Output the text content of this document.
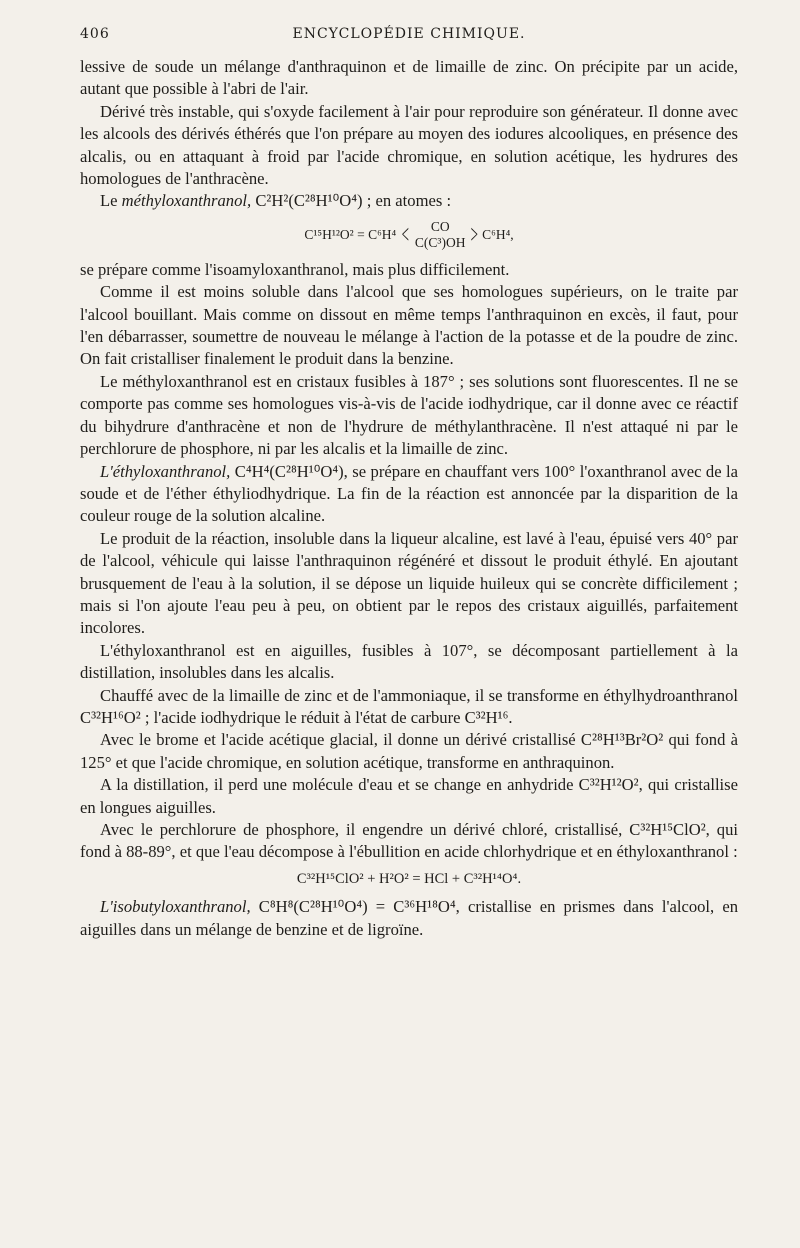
406	ENCYCLOPÉDIE CHIMIQUE.

lessive de soude un mélange d'anthraquinon et de limaille de zinc. On précipite par un acide, autant que possible à l'abri de l'air.

Dérivé très instable, qui s'oxyde facilement à l'air pour reproduire son générateur. Il donne avec les alcools des dérivés éthérés que l'on prépare au moyen des iodures alcooliques, en présence des alcalis, ou en attaquant à froid par l'acide chromique, en solution acétique, les hydrures des homologues de l'anthracène.

Le méthyloxanthranol, C²H²(C²⁸H¹⁰O⁴) ; en atomes :

C¹⁵H¹²O² = C⁶H⁴ <	CO
C(C³)OH > C⁶H⁴,

se prépare comme l'isoamyloxanthranol, mais plus difficilement.

Comme il est moins soluble dans l'alcool que ses homologues supérieurs, on le traite par l'alcool bouillant. Mais comme on dissout en même temps l'anthraquinon en excès, il faut, pour l'en débarrasser, soumettre de nouveau le mélange à l'action de la potasse et de la poudre de zinc. On fait cristalliser finalement le produit dans la benzine.

Le méthyloxanthranol est en cristaux fusibles à 187° ; ses solutions sont fluorescentes. Il ne se comporte pas comme ses homologues vis-à-vis de l'acide iodhydrique, car il donne avec ce réactif du bihydrure d'anthracène et non de l'hydrure de méthylanthracène. Il n'est attaqué ni par le perchlorure de phosphore, ni par les alcalis et la limaille de zinc.

L'éthyloxanthranol, C⁴H⁴(C²⁸H¹⁰O⁴), se prépare en chauffant vers 100° l'oxanthranol avec de la soude et de l'éther éthyliodhydrique. La fin de la réaction est annoncée par la disparition de la couleur rouge de la solution alcaline.

Le produit de la réaction, insoluble dans la liqueur alcaline, est lavé à l'eau, épuisé vers 40° par de l'alcool, véhicule qui laisse l'anthraquinon régénéré et dissout le produit éthylé. En ajoutant brusquement de l'eau à la solution, il se dépose un liquide huileux qui se concrète difficilement ; mais si l'on ajoute l'eau peu à peu, on obtient par le repos des cristaux aiguillés, parfaitement incolores.

L'éthyloxanthranol est en aiguilles, fusibles à 107°, se décomposant partiellement à la distillation, insolubles dans les alcalis.

Chauffé avec de la limaille de zinc et de l'ammoniaque, il se transforme en éthylhydroanthranol C³²H¹⁶O² ; l'acide iodhydrique le réduit à l'état de carbure C³²H¹⁶.

Avec le brome et l'acide acétique glacial, il donne un dérivé cristallisé C²⁸H¹³Br²O² qui fond à 125° et que l'acide chromique, en solution acétique, transforme en anthraquinon.

A la distillation, il perd une molécule d'eau et se change en anhydride C³²H¹²O², qui cristallise en longues aiguilles.

Avec le perchlorure de phosphore, il engendre un dérivé chloré, cristallisé, C³²H¹⁵ClO², qui fond à 88-89°, et que l'eau décompose à l'ébullition en acide chlorhydrique et en éthyloxanthranol :

C³²H¹⁵ClO² + H²O² = HCl + C³²H¹⁴O⁴.

L'isobutyloxanthranol, C⁸H⁸(C²⁸H¹⁰O⁴) = C³⁶H¹⁸O⁴, cristallise en prismes dans l'alcool, en aiguilles dans un mélange de benzine et de ligroïne.
